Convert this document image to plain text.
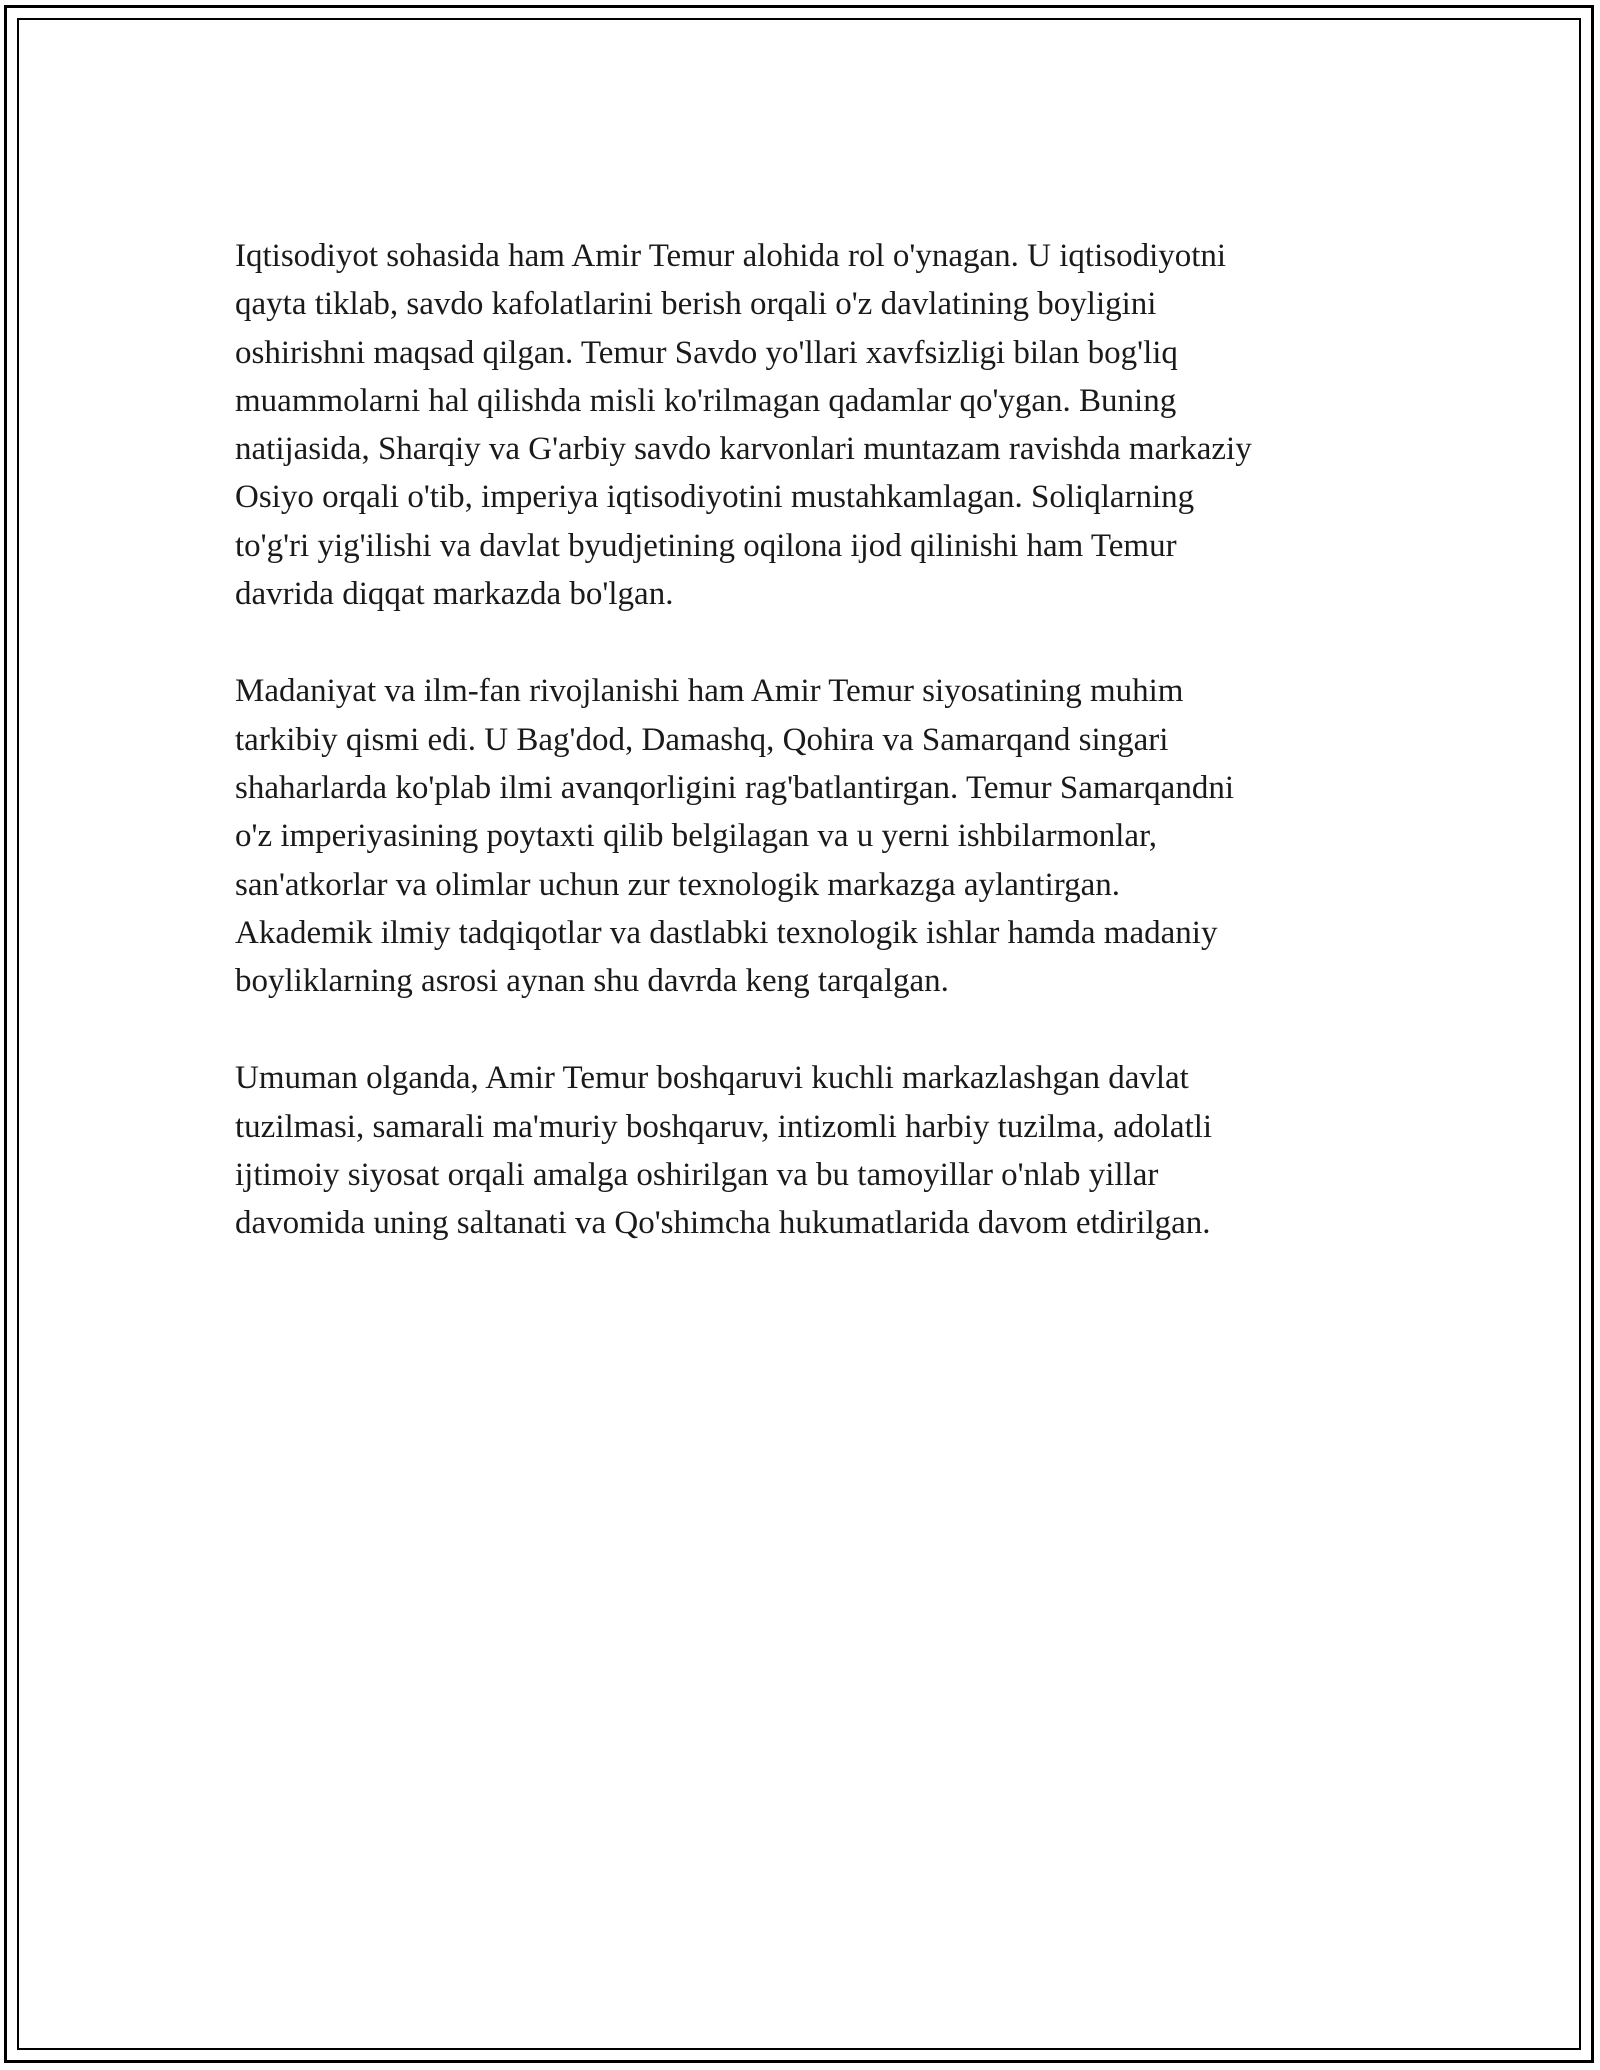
Iqtisodiyot sohasida ham Amir Temur alohida rol o'ynagan. U iqtisodiyotni
qayta tiklab, savdo kafolatlarini berish orqali o'z davlatining boyligini
oshirishni maqsad qilgan. Temur Savdo yo'llari xavfsizligi bilan bog'liq
muammolarni hal qilishda misli ko'rilmagan qadamlar qo'ygan. Buning
natijasida, Sharqiy va G'arbiy savdo karvonlari muntazam ravishda markaziy
Osiyo orqali o'tib, imperiya iqtisodiyotini mustahkamlagan. Soliqlarning
to'g'ri yig'ilishi va davlat byudjetining oqilona ijod qilinishi ham Temur
davrida diqqat markazda bo'lgan.

Madaniyat va ilm-fan rivojlanishi ham Amir Temur siyosatining muhim
tarkibiy qismi edi. U Bag'dod, Damashq, Qohira va Samarqand singari
shaharlarda ko'plab ilmi avanqorligini rag'batlantirgan. Temur Samarqandni
o'z imperiyasining poytaxti qilib belgilagan va u yerni ishbilarmonlar,
san'atkorlar va olimlar uchun zur texnologik markazga aylantirgan.
Akademik ilmiy tadqiqotlar va dastlabki texnologik ishlar hamda madaniy
boyliklarning asrosi aynan shu davrda keng tarqalgan.

Umuman olganda, Amir Temur boshqaruvi kuchli markazlashgan davlat
tuzilmasi, samarali ma'muriy boshqaruv, intizomli harbiy tuzilma, adolatli
ijtimoiy siyosat orqali amalga oshirilgan va bu tamoyillar o'nlab yillar
davomida uning saltanati va Qo'shimcha hukumatlarida davom etdirilgan.
